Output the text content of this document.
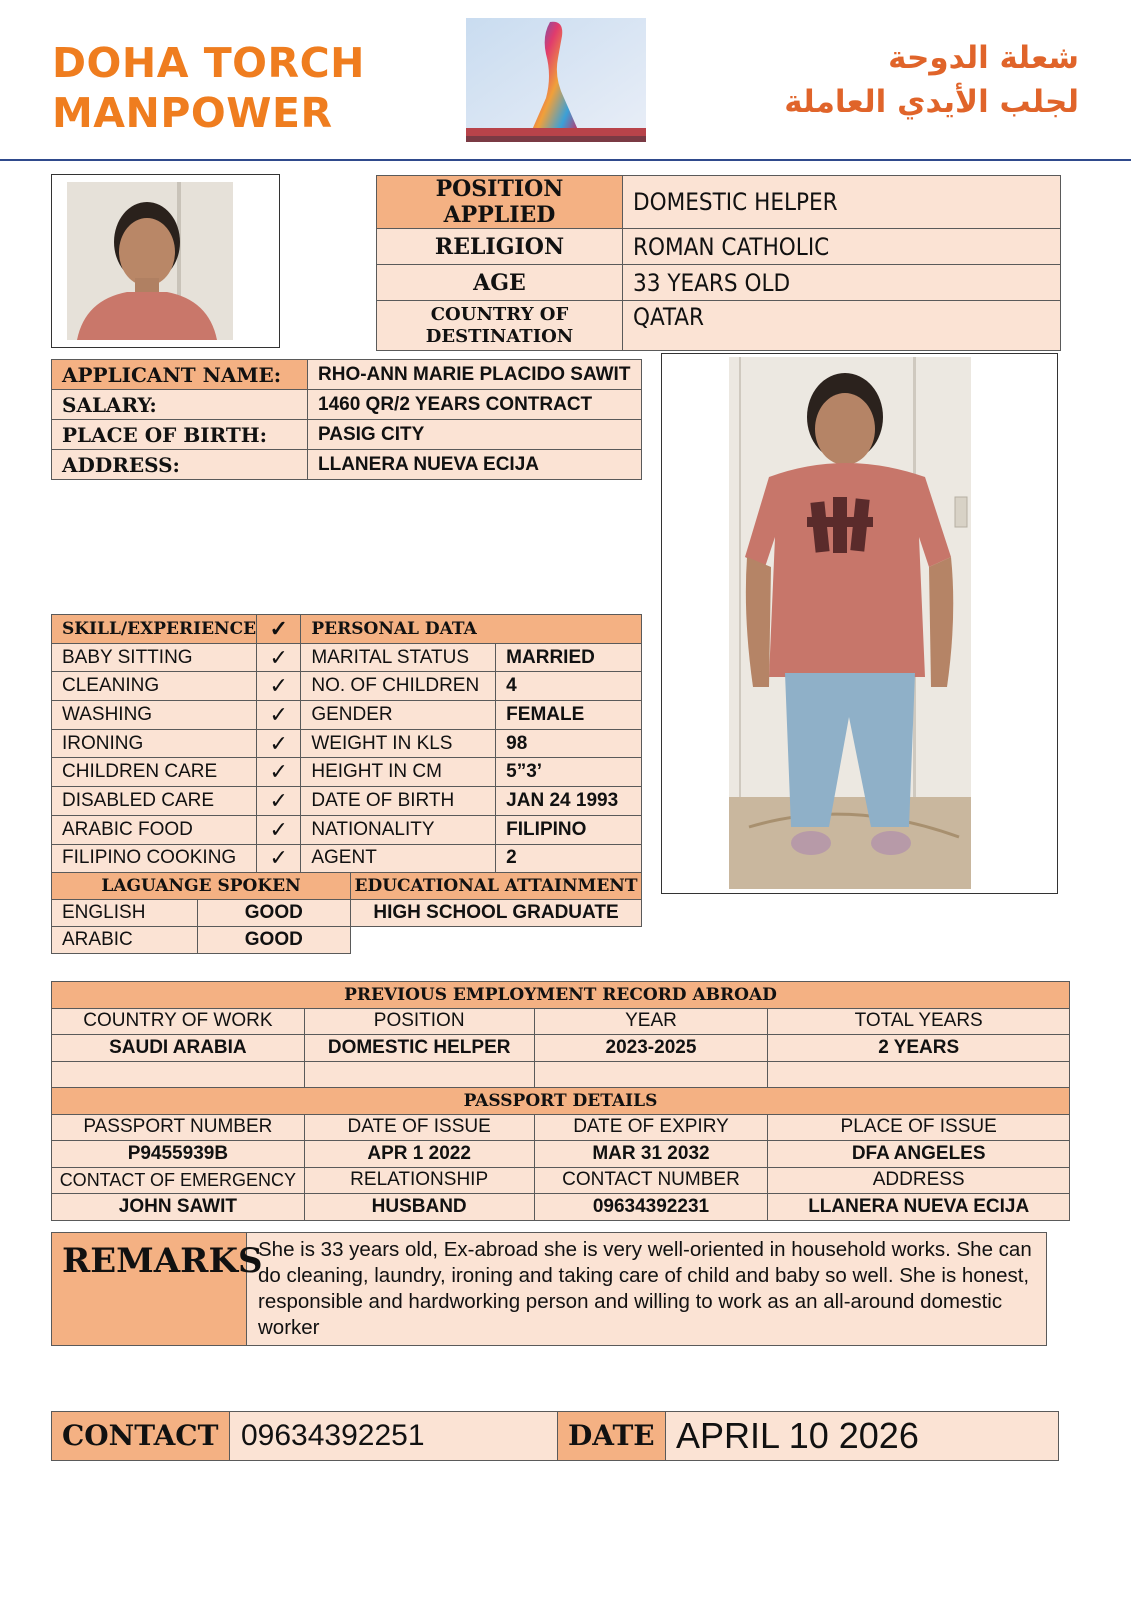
DOHA TORCH
MANPOWER
شعلة الدوحة
لجلب الأيدي العاملة
POSITION APPLIED	DOMESTIC HELPER
RELIGION	ROMAN CATHOLIC
AGE	33 YEARS OLD

COUNTRY OF
DESTINATION	QATAR
APPLICANT NAME:	RHO-ANN MARIE PLACIDO SAWIT
SALARY:	1460 QR/2 YEARS CONTRACT
PLACE OF BIRTH:	PASIG CITY
ADDRESS:	LLANERA NUEVA ECIJA
SKILL/EXPERIENCE	✓	PERSONAL DATA	
BABY SITTING	✓	MARITAL STATUS	MARRIED
CLEANING	✓	NO. OF CHILDREN	4
WASHING	✓	GENDER	FEMALE
IRONING	✓	WEIGHT IN KLS	98
CHILDREN CARE	✓	HEIGHT IN CM	5”3’
DISABLED CARE	✓	DATE OF BIRTH	JAN 24 1993
ARABIC FOOD	✓	NATIONALITY	FILIPINO
FILIPINO COOKING	✓	AGENT	2
LAGUANGE SPOKEN	
ENGLISH	GOOD
ARABIC	GOOD
EDUCATIONAL ATTAINMENT
HIGH SCHOOL GRADUATE
PREVIOUS EMPLOYMENT RECORD ABROAD			
COUNTRY OF WORK	POSITION	YEAR	TOTAL YEARS
SAUDI ARABIA	DOMESTIC HELPER	2023-2025	2 YEARS

PASSPORT DETAILS			
PASSPORT NUMBER	DATE OF ISSUE	DATE OF EXPIRY	PLACE OF ISSUE
P9455939B	APR 1 2022	MAR 31 2032	DFA ANGELES
CONTACT OF EMERGENCY	RELATIONSHIP	CONTACT NUMBER	ADDRESS
JOHN SAWIT	HUSBAND	09634392231	LLANERA NUEVA ECIJA
REMARKS
She is 33 years old, Ex-abroad she is very well-oriented in household works. She can do cleaning, laundry, ironing and taking care of child and baby so well. She is honest, responsible and hardworking person and willing to work as an all-around domestic worker
CONTACT 09634392251	DATE APRIL 10 2026
